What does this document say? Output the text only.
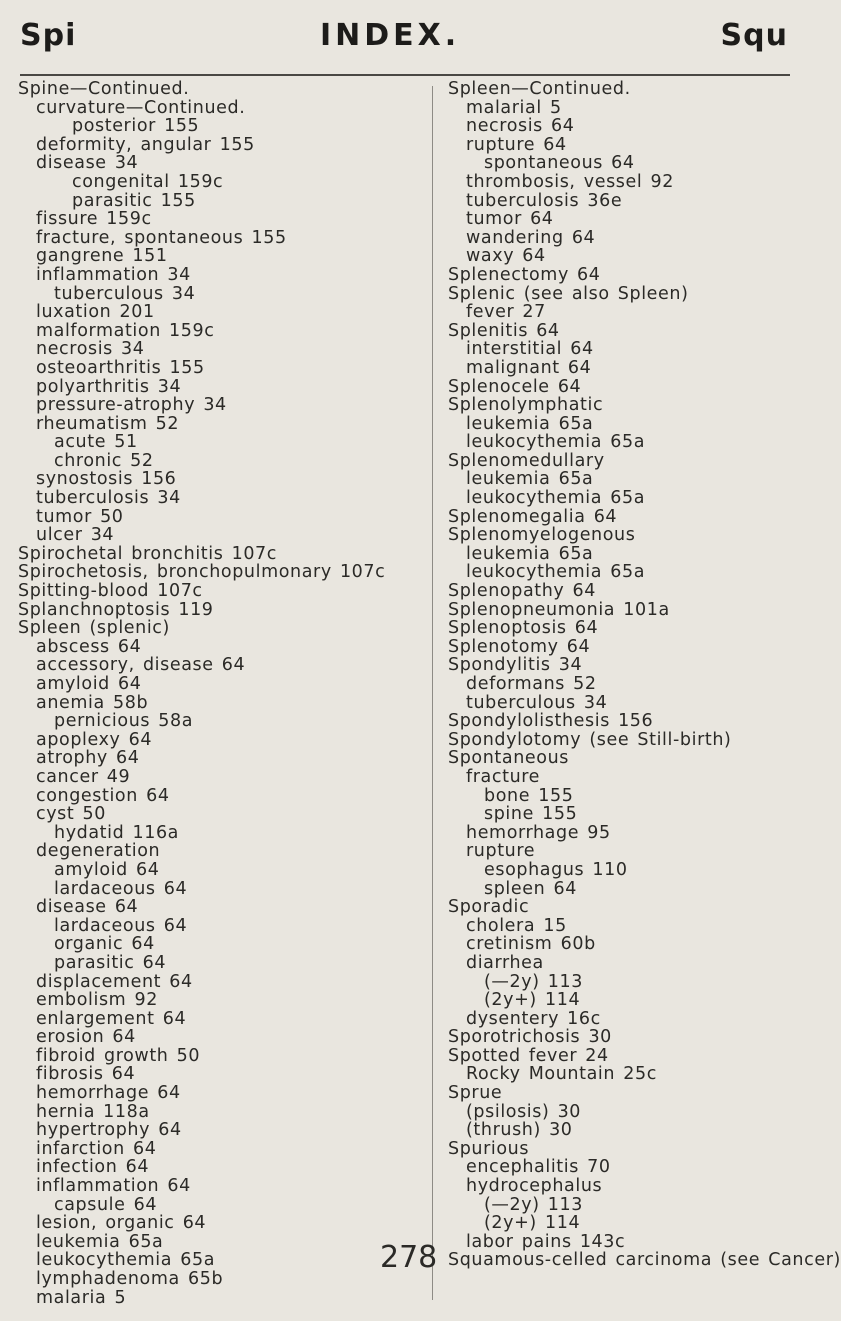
Spi	INDEX.	Squ
Spine—Continued.
curvature—Continued.
posterior 155
deformity, angular 155
disease 34
congenital 159c
parasitic 155
fissure 159c
fracture, spontaneous 155
gangrene 151
inflammation 34
tuberculous 34
luxation 201
malformation 159c
necrosis 34
osteoarthritis 155
polyarthritis 34
pressure-atrophy 34
rheumatism 52
acute 51
chronic 52
synostosis 156
tuberculosis 34
tumor 50
ulcer 34
Spirochetal bronchitis 107c
Spirochetosis, bronchopulmonary 107c
Spitting-blood 107c
Splanchnoptosis 119
Spleen (splenic)
abscess 64
accessory, disease 64
amyloid 64
anemia 58b
pernicious 58a
apoplexy 64
atrophy 64
cancer 49
congestion 64
cyst 50
hydatid 116a
degeneration
amyloid 64
lardaceous 64
disease 64
lardaceous 64
organic 64
parasitic 64
displacement 64
embolism 92
enlargement 64
erosion 64
fibroid growth 50
fibrosis 64
hemorrhage 64
hernia 118a
hypertrophy 64
infarction 64
infection 64
inflammation 64
capsule 64
lesion, organic 64
leukemia 65a
leukocythemia 65a
lymphadenoma 65b
malaria 5
Spleen—Continued.
malarial 5
necrosis 64
rupture 64
spontaneous 64
thrombosis, vessel 92
tuberculosis 36e
tumor 64
wandering 64
waxy 64
Splenectomy 64
Splenic (see also Spleen)
fever 27
Splenitis 64
interstitial 64
malignant 64
Splenocele 64
Splenolymphatic
leukemia 65a
leukocythemia 65a
Splenomedullary
leukemia 65a
leukocythemia 65a
Splenomegalia 64
Splenomyelogenous
leukemia 65a
leukocythemia 65a
Splenopathy 64
Splenopneumonia 101a
Splenoptosis 64
Splenotomy 64
Spondylitis 34
deformans 52
tuberculous 34
Spondylolisthesis 156
Spondylotomy (see Still-birth)
Spontaneous
fracture
bone 155
spine 155
hemorrhage 95
rupture
esophagus 110
spleen 64
Sporadic
cholera 15
cretinism 60b
diarrhea
(—2y) 113
(2y+) 114
dysentery 16c
Sporotrichosis 30
Spotted fever 24
Rocky Mountain 25c
Sprue
(psilosis) 30
(thrush) 30
Spurious
encephalitis 70
hydrocephalus
(—2y) 113
(2y+) 114
labor pains 143c
Squamous-celled carcinoma (see Cancer)
278
